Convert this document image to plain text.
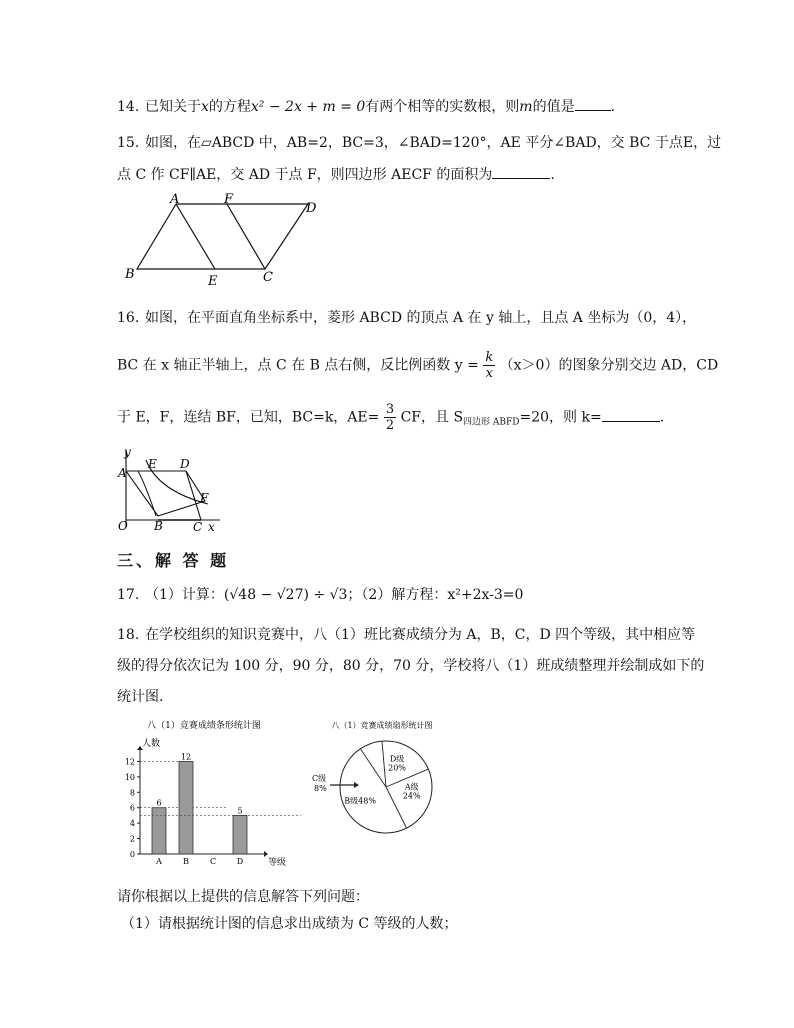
14. 已知关于x的方程x² − 2x + m = 0有两个相等的实数根，则m的值是	.
15. 如图，在▱ABCD 中，AB=2，BC=3，∠BAD=120°，AE 平分∠BAD，交 BC 于点E，过
点 C 作 CF∥AE，交 AD 于点 F，则四边形 AECF 的面积为	.
A	F
D
B	E	C
16. 如图，在平面直角坐标系中，菱形 ABCD 的顶点 A 在 y 轴上，且点 A 坐标为（0，4），
BC 在 x 轴正半轴上，点 C 在 B 点右侧，反比例函数 $y = \frac{k}{x} (x>0)$的图象分别交边 AD，CD
于 E，F，连结 BF，已知，BC=k，$AE= \frac{3}{2}$ CF，且 $S_{四边形 ABFD}=20$，则 k=	.
y
A
E D
F
O B	C x
三、解 答 题
17. （1）计算：(√48 − √27) ÷ √3；（2）解方程：x²+2x-3=0
18. 在学校组织的知识竞赛中，八（1）班比赛成绩分为 A，B，C，D 四个等级，其中相应等
级的得分依次记为 100 分，90 分，80 分，70 分，学校将八（1）班成绩整理并绘制成如下的
统计图.
八（1）竞赛成绩条形统计图
人数
等级
0
2
4
6
8
10
12
6
A
12
B	C
5
D
八（1）竞赛成绩扇形统计图
D级
20%
A级
24%
B级48%
C级
8%
请你根据以上提供的信息解答下列问题：
（1）请根据统计图的信息求出成绩为 C 等级的人数；
